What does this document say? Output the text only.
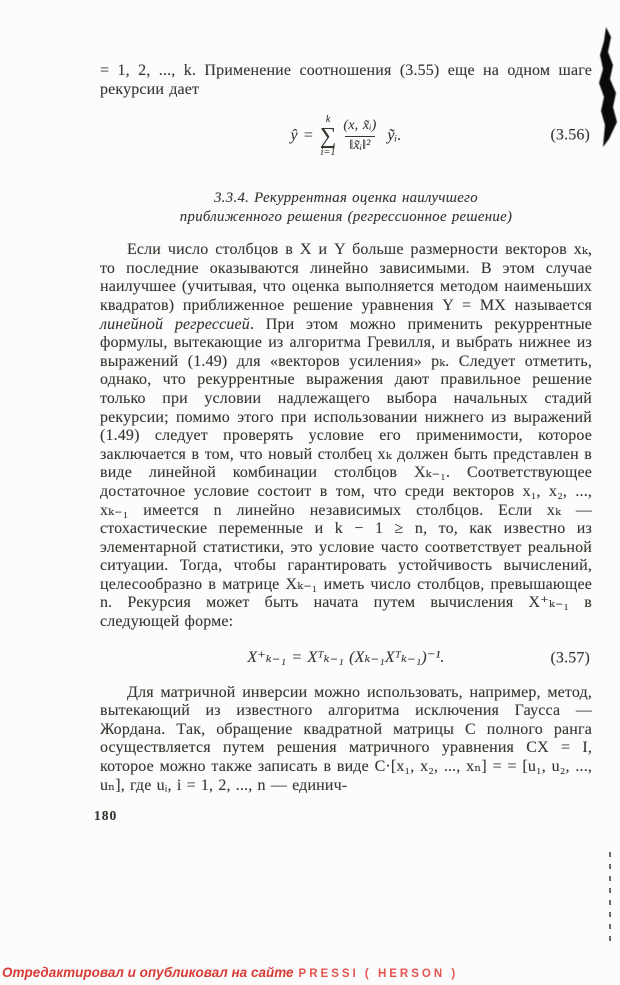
= 1, 2, ..., k. Применение соотношения (3.55) еще на одном шаге рекурсии дает

ŷ =
k
∑
$i=1 \frac{\text{(x, x̃ᵢ)}}{\text{‖x̃ᵢ‖²}}$ ỹᵢ.	(3.56)
3.3.4. Рекуррентная оценка наилучшего
приближенного решения (регрессионное решение)

Если число столбцов в X и Y больше размерности векторов xₖ, то последние оказываются линейно зависимыми. В этом случае наилучшее (учитывая, что оценка выполняется методом наименьших квадратов) приближенное решение уравнения Y = MX называется линейной регрессией. При этом можно применить рекуррентные формулы, вытекающие из алгоритма Гревилля, и выбрать нижнее из выражений (1.49) для «векторов усиления» pₖ. Следует отметить, однако, что рекуррентные выражения дают правильное решение только при условии надлежащего выбора начальных стадий рекурсии; помимо этого при использовании нижнего из выражений (1.49) следует проверять условие его применимости, которое заключается в том, что новый столбец xₖ должен быть представлен в виде линейной комбинации столбцов Xₖ₋₁. Соответствующее достаточное условие состоит в том, что среди векторов x₁, x₂, ..., xₖ₋₁ имеется n линейно независимых столбцов. Если xₖ — стохастические переменные и k − 1 ≥ n, то, как известно из элементарной статистики, это условие часто соответствует реальной ситуации. Тогда, чтобы гарантировать устойчивость вычислений, целесообразно в матрице Xₖ₋₁ иметь число столбцов, превышающее n. Рекурсия может быть начата путем вычисления X⁺ₖ₋₁ в следующей форме:

X⁺ₖ₋₁ = Xᵀₖ₋₁ (Xₖ₋₁Xᵀₖ₋₁)⁻¹.	(3.57)

Для матричной инверсии можно использовать, например, метод, вытекающий из известного алгоритма исключения Гаусса — Жордана. Так, обращение квадратной матрицы C полного ранга осуществляется путем решения матричного уравнения CX = I, которое можно также записать в виде C·[x₁, x₂, ..., xₙ] = = [u₁, u₂, ..., uₙ], где uᵢ, i = 1, 2, ..., n — единич-

180
Отредактировал и опубликовал на сайте PRESSI ( HERSON )
